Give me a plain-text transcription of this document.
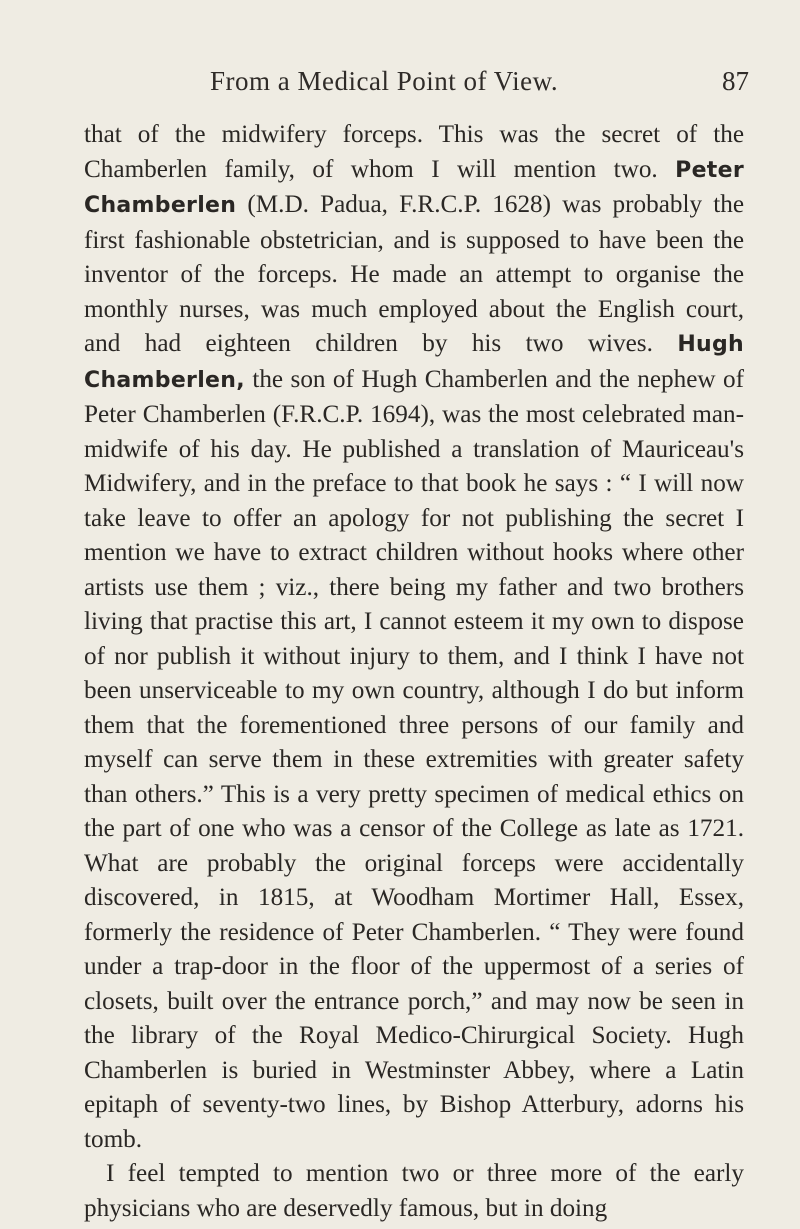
From a Medical Point of View.	87

that of the midwifery forceps. This was the secret of the Chamberlen family, of whom I will mention two. Peter Chamberlen (M.D. Padua, F.R.C.P. 1628) was probably the first fashionable obstetrician, and is supposed to have been the inventor of the forceps. He made an attempt to organise the monthly nurses, was much employed about the English court, and had eighteen children by his two wives. Hugh Chamberlen, the son of Hugh Chamberlen and the nephew of Peter Chamberlen (F.R.C.P. 1694), was the most celebrated man-midwife of his day. He published a translation of Mauriceau's Midwifery, and in the preface to that book he says : “ I will now take leave to offer an apology for not publishing the secret I mention we have to extract children without hooks where other artists use them ; viz., there being my father and two brothers living that practise this art, I cannot esteem it my own to dispose of nor publish it without injury to them, and I think I have not been unserviceable to my own country, although I do but inform them that the forementioned three persons of our family and myself can serve them in these extremities with greater safety than others.” This is a very pretty specimen of medical ethics on the part of one who was a censor of the College as late as 1721. What are probably the original forceps were accidentally discovered, in 1815, at Woodham Mortimer Hall, Essex, formerly the residence of Peter Chamberlen. “ They were found under a trap-door in the floor of the uppermost of a series of closets, built over the entrance porch,” and may now be seen in the library of the Royal Medico-Chirurgical Society. Hugh Chamberlen is buried in Westminster Abbey, where a Latin epitaph of seventy-two lines, by Bishop Atterbury, adorns his tomb.

I feel tempted to mention two or three more of the early physicians who are deservedly famous, but in doing
